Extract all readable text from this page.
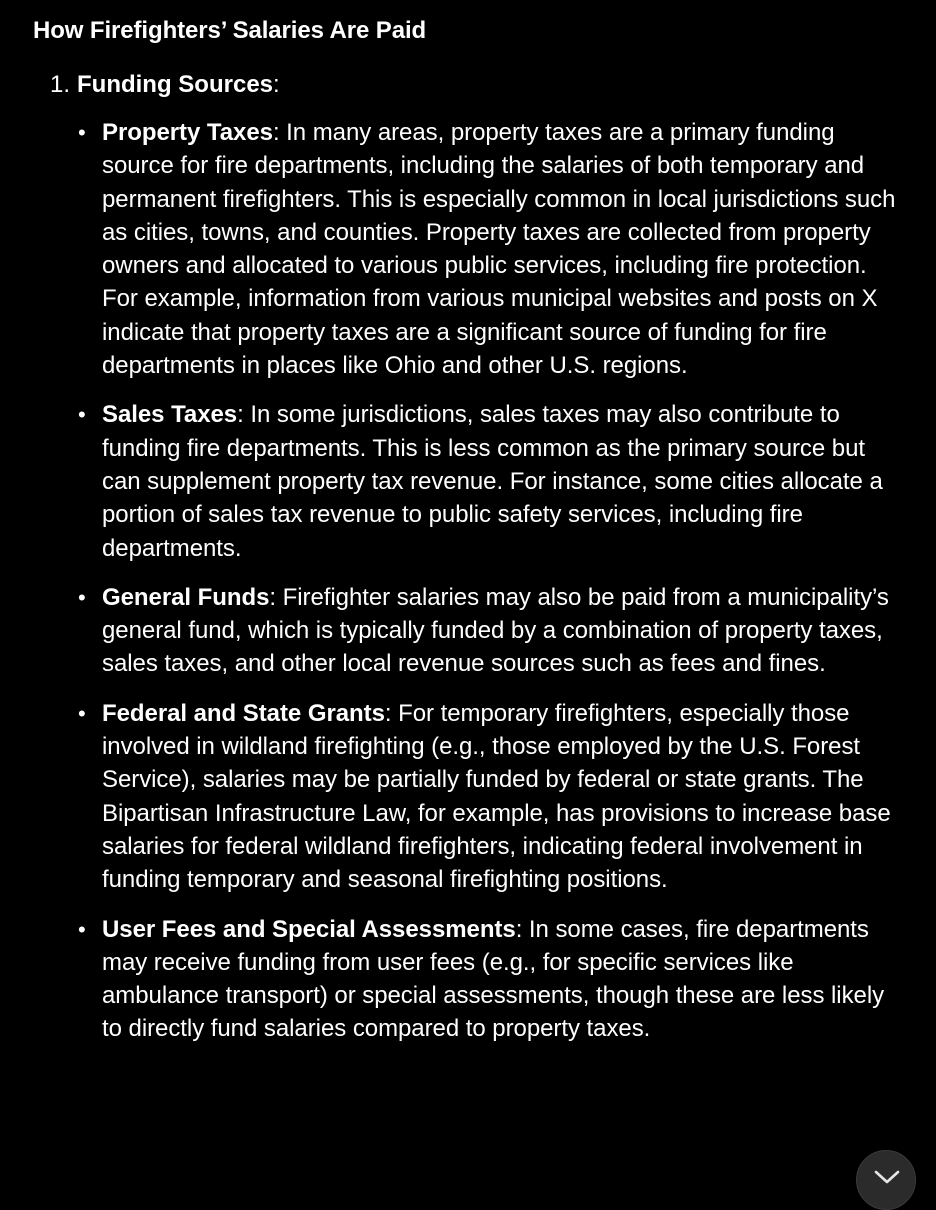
How Firefighters’ Salaries Are Paid
1. Funding Sources:
• Property Taxes: In many areas, property taxes are a primary funding source for fire departments, including the salaries of both temporary and permanent firefighters. This is especially common in local jurisdictions such as cities, towns, and counties. Property taxes are collected from property owners and allocated to various public services, including fire protection. For example, information from various municipal websites and posts on X indicate that property taxes are a significant source of funding for fire departments in places like Ohio and other U.S. regions.
• Sales Taxes: In some jurisdictions, sales taxes may also contribute to funding fire departments. This is less common as the primary source but can supplement property tax revenue. For instance, some cities allocate a portion of sales tax revenue to public safety services, including fire departments.
• General Funds: Firefighter salaries may also be paid from a municipality’s general fund, which is typically funded by a combination of property taxes, sales taxes, and other local revenue sources such as fees and fines.
• Federal and State Grants: For temporary firefighters, especially those involved in wildland firefighting (e.g., those employed by the U.S. Forest Service), salaries may be partially funded by federal or state grants. The Bipartisan Infrastructure Law, for example, has provisions to increase base salaries for federal wildland firefighters, indicating federal involvement in funding temporary and seasonal firefighting positions.
• User Fees and Special Assessments: In some cases, fire departments may receive funding from user fees (e.g., for specific services like ambulance transport) or special assessments, though these are less likely to directly fund salaries compared to property taxes.
